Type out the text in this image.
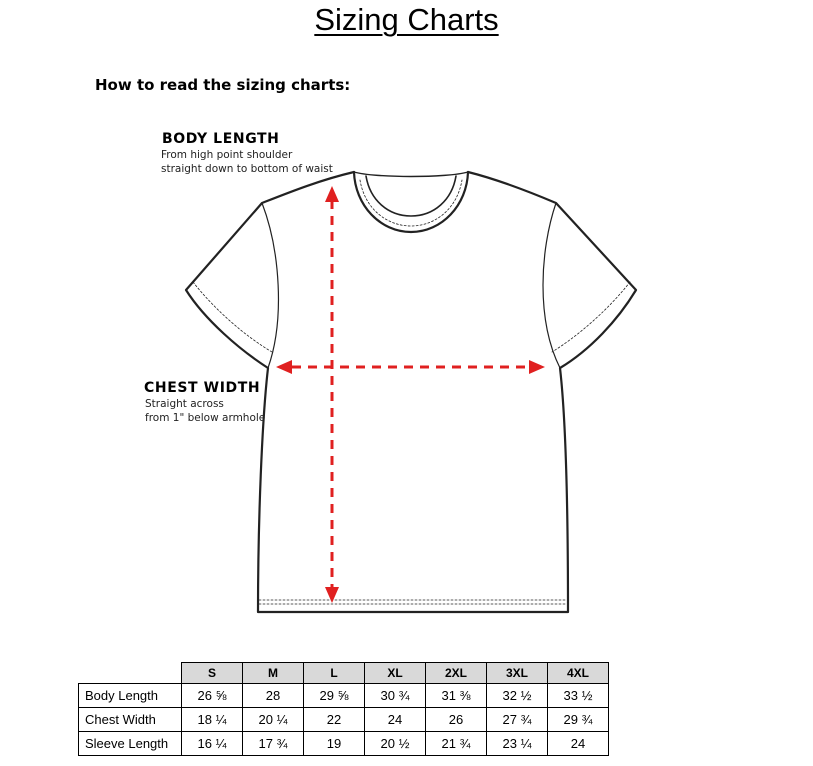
Sizing Charts
How to read the sizing charts:
BODY LENGTH
From high point shoulder
straight down to bottom of waist
CHEST WIDTH
Straight across
from 1" below armhole
	S	M	L	XL	2XL	3XL	4XL
Body Length	26 ⅝	28	29 ⅝	30 ¾	31 ⅜	32 ½	33 ½
Chest Width	18 ¼	20 ¼	22	24	26	27 ¾	29 ¾
Sleeve Length	16 ¼	17 ¾	19	20 ½	21 ¾	23 ¼	24
